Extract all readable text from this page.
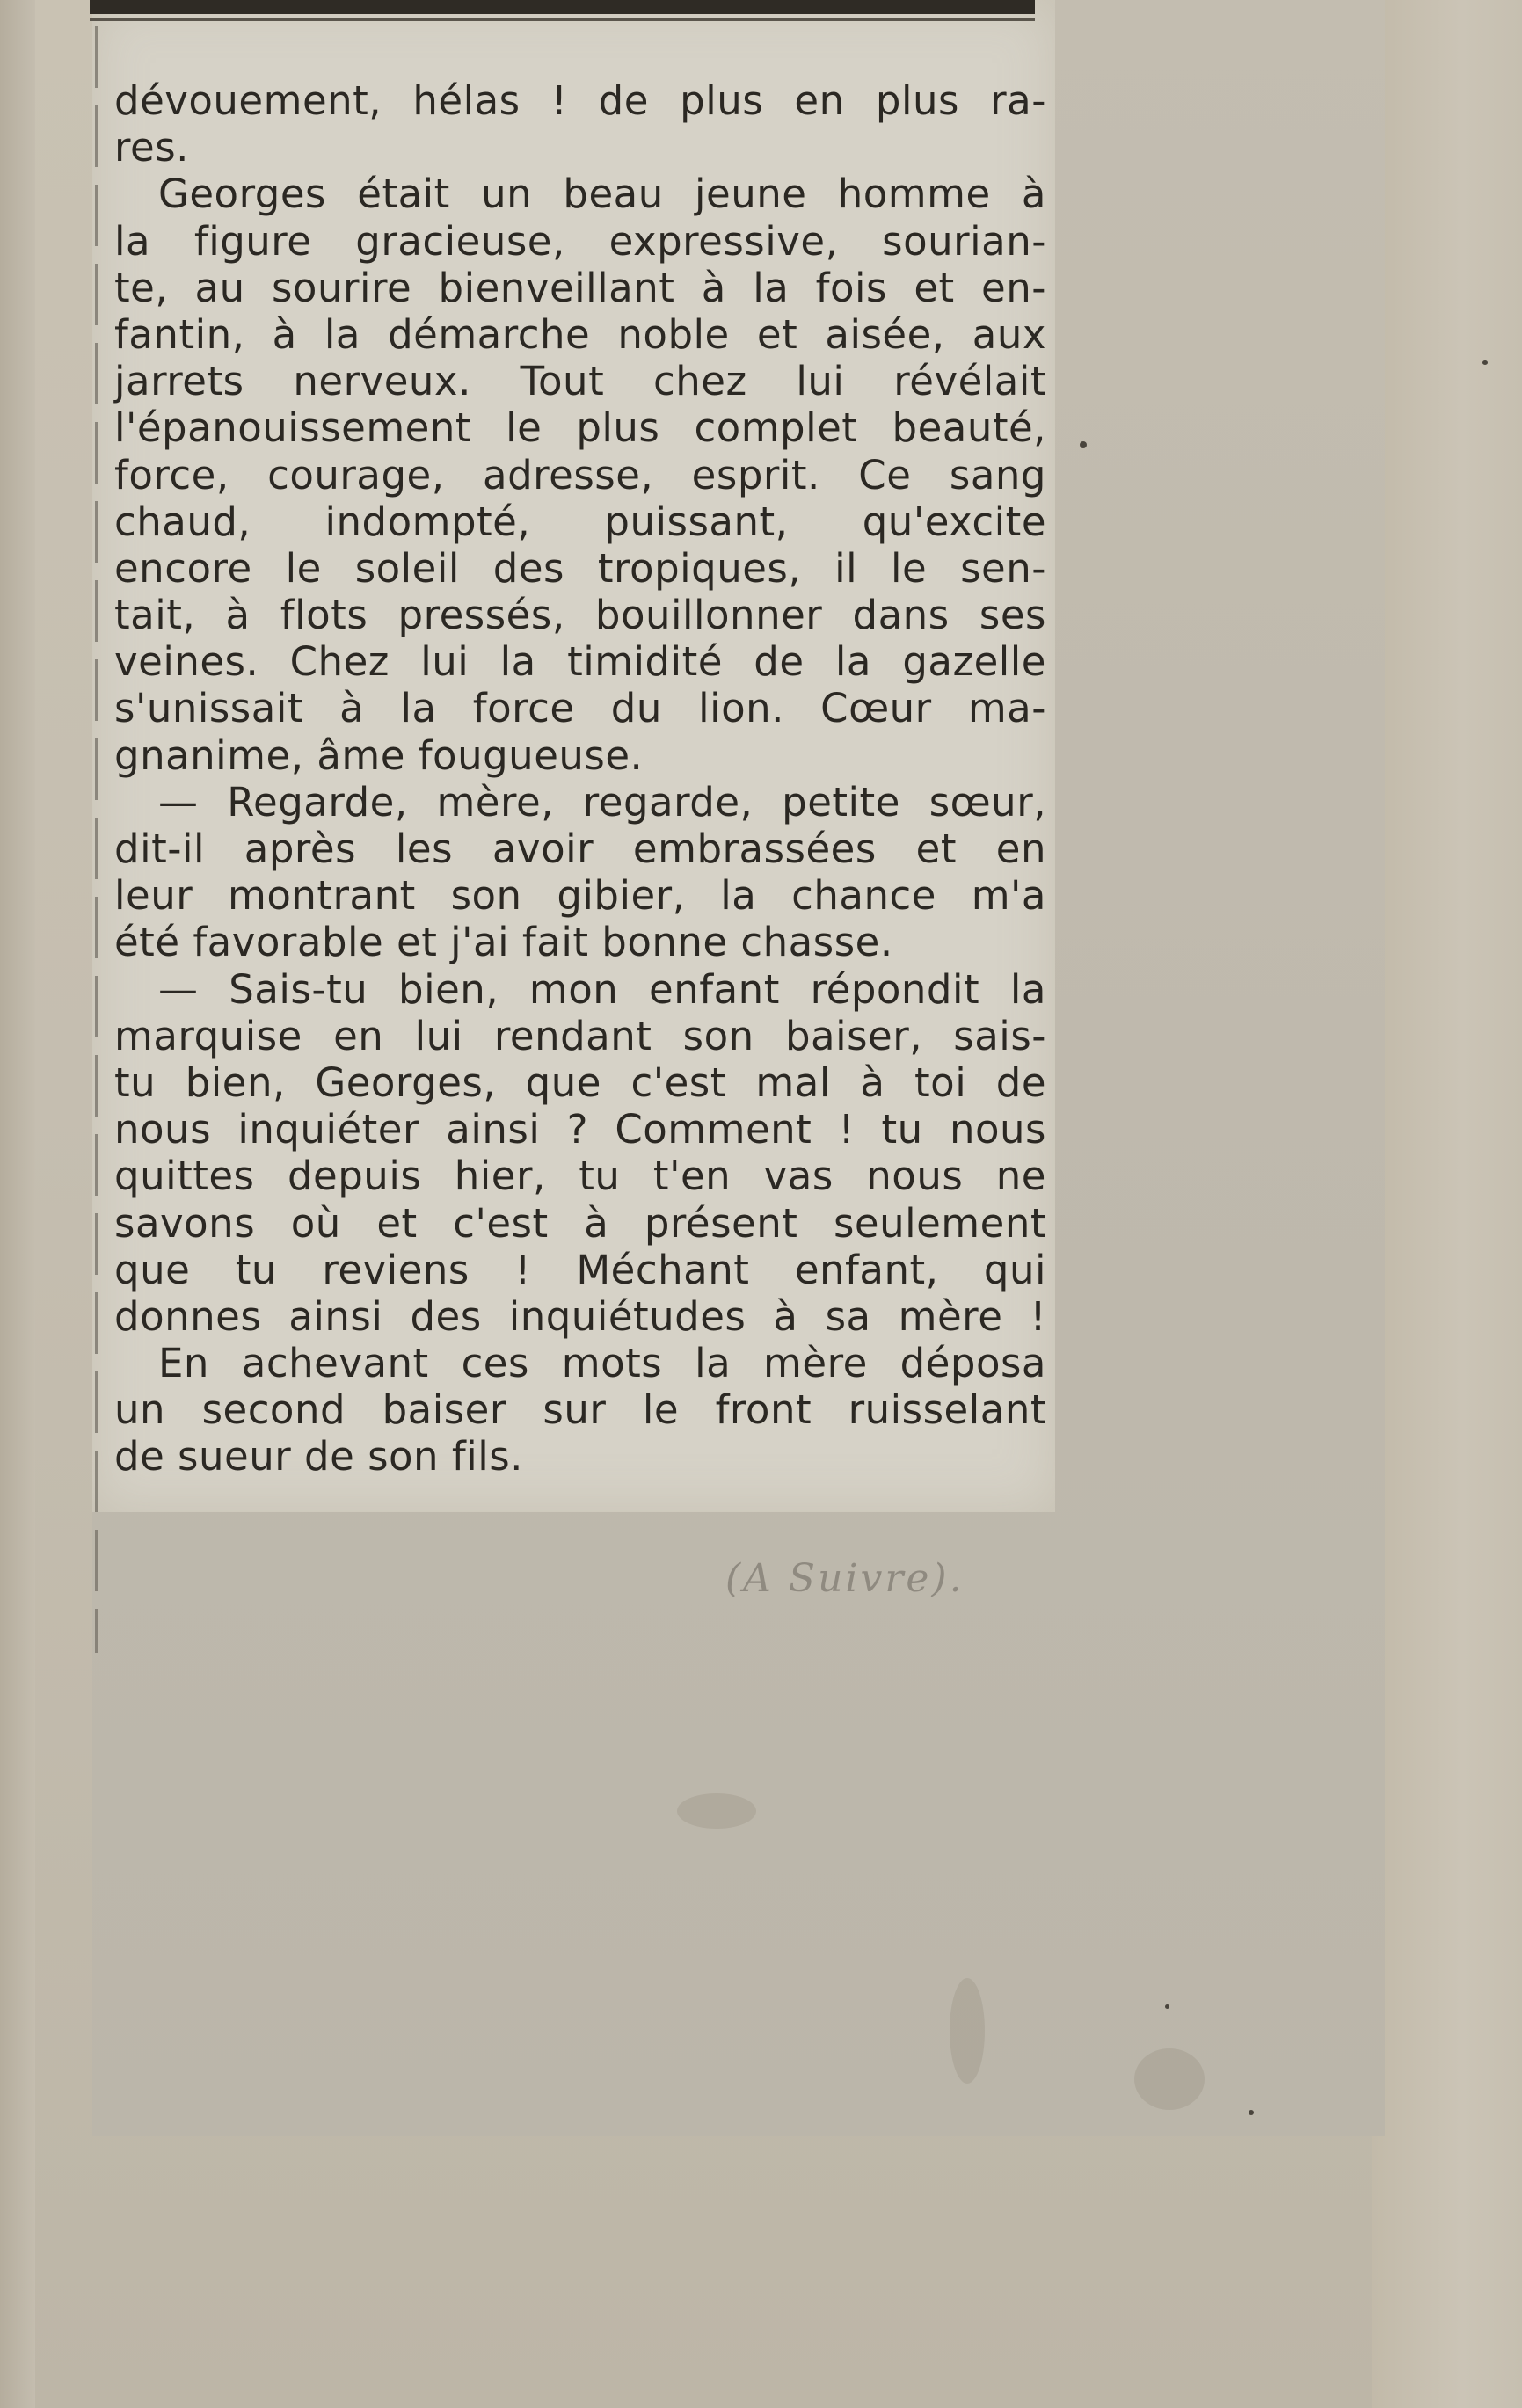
dévouement, hélas ! de plus en plus ra-
res.
Georges était un beau jeune homme à
la figure gracieuse, expressive, sourian-
te, au sourire bienveillant à la fois et en-
fantin, à la démarche noble et aisée, aux
jarrets nerveux. Tout chez lui révélait
l'épanouissement le plus complet beauté,
force, courage, adresse, esprit. Ce sang
chaud, indompté, puissant, qu'excite
encore le soleil des tropiques, il le sen-
tait, à flots pressés, bouillonner dans ses
veines. Chez lui la timidité de la gazelle
s'unissait à la force du lion. Cœur ma-
gnanime, âme fougueuse.
— Regarde, mère, regarde, petite sœur,
dit-il après les avoir embrassées et en
leur montrant son gibier, la chance m'a
été favorable et j'ai fait bonne chasse.
— Sais-tu bien, mon enfant répondit la
marquise en lui rendant son baiser, sais-
tu bien, Georges, que c'est mal à toi de
nous inquiéter ainsi ? Comment ! tu nous
quittes depuis hier, tu t'en vas nous ne
savons où et c'est à présent seulement
que tu reviens ! Méchant enfant, qui
donnes ainsi des inquiétudes à sa mère !
En achevant ces mots la mère déposa
un second baiser sur le front ruisselant
de sueur de son fils.
(A Suivre).
